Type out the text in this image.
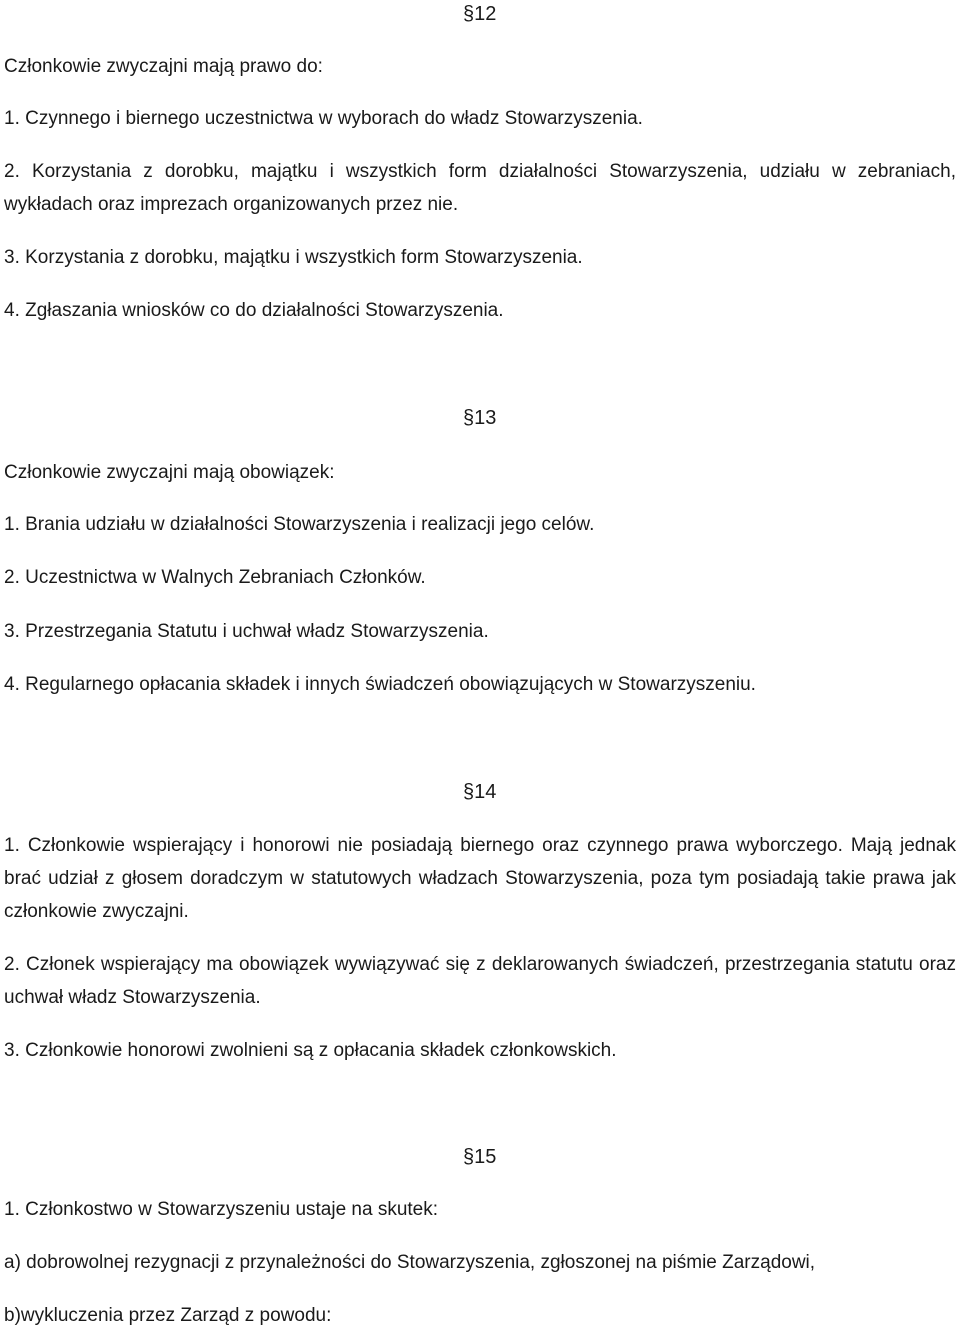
§12

Członkowie zwyczajni mają prawo do:

1. Czynnego i biernego uczestnictwa w wyborach do władz Stowarzyszenia.

2. Korzystania z dorobku, majątku i wszystkich form działalności Stowarzyszenia, udziału w zebraniach, wykładach oraz imprezach organizowanych przez nie.

3. Korzystania z dorobku, majątku i wszystkich form Stowarzyszenia.

4. Zgłaszania wniosków co do działalności Stowarzyszenia.

§13

Członkowie zwyczajni mają obowiązek:

1. Brania udziału w działalności Stowarzyszenia i realizacji jego celów.

2. Uczestnictwa w Walnych Zebraniach Członków.

3. Przestrzegania Statutu i uchwał władz Stowarzyszenia.

4. Regularnego opłacania składek i innych świadczeń obowiązujących w Stowarzyszeniu.

§14

1. Członkowie wspierający i honorowi nie posiadają biernego oraz czynnego prawa wyborczego. Mają jednak brać udział z głosem doradczym w statutowych władzach Stowarzyszenia, poza tym posiadają takie prawa jak członkowie zwyczajni.

2. Członek wspierający ma obowiązek wywiązywać się z deklarowanych świadczeń, przestrzegania statutu oraz uchwał władz Stowarzyszenia.

3. Członkowie honorowi zwolnieni są z opłacania składek członkowskich.

§15

1. Członkostwo w Stowarzyszeniu ustaje na skutek:

a) dobrowolnej rezygnacji z przynależności do Stowarzyszenia, zgłoszonej na piśmie Zarządowi,

b)wykluczenia przez Zarząd z powodu:
